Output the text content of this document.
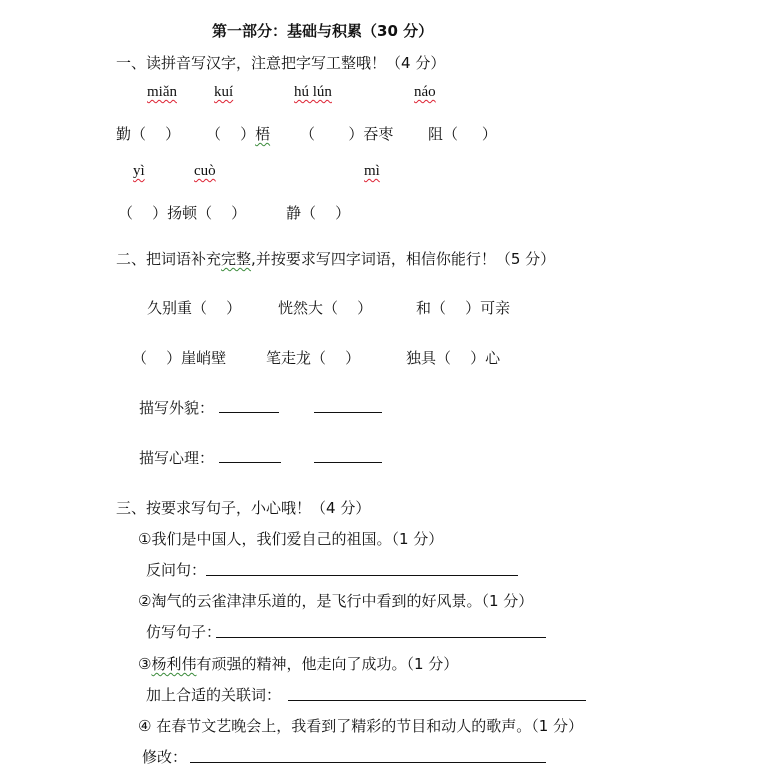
第一部分：基础与积累（30 分）
一、读拼音写汉字，注意把字写工整哦！（4 分）
miǎn kuí	hú lún	náo
勤（    ） （    ）梧 （       ）吞枣 阻（     ）
yì	cuò	mì
（    ）扬顿（    ）	静（    ）
二、把词语补充完整,并按要求写四字词语，相信你能行！（5 分）
久别重（    ） 恍然大（    ）	和（    ）可亲
（    ）崖峭壁	笔走龙（    ）	独具（    ）心
描写外貌：
描写心理：
三、按要求写句子，小心哦！（4 分）
①我们是中国人，我们爱自己的祖国。（1 分）
反问句：
②淘气的云雀津津乐道的，是飞行中看到的好风景。（1 分）
仿写句子：
③杨利伟有顽强的精神，他走向了成功。（1 分）
加上合适的关联词：
④ 在春节文艺晚会上，我看到了精彩的节目和动人的歌声。（1 分）
修改：
